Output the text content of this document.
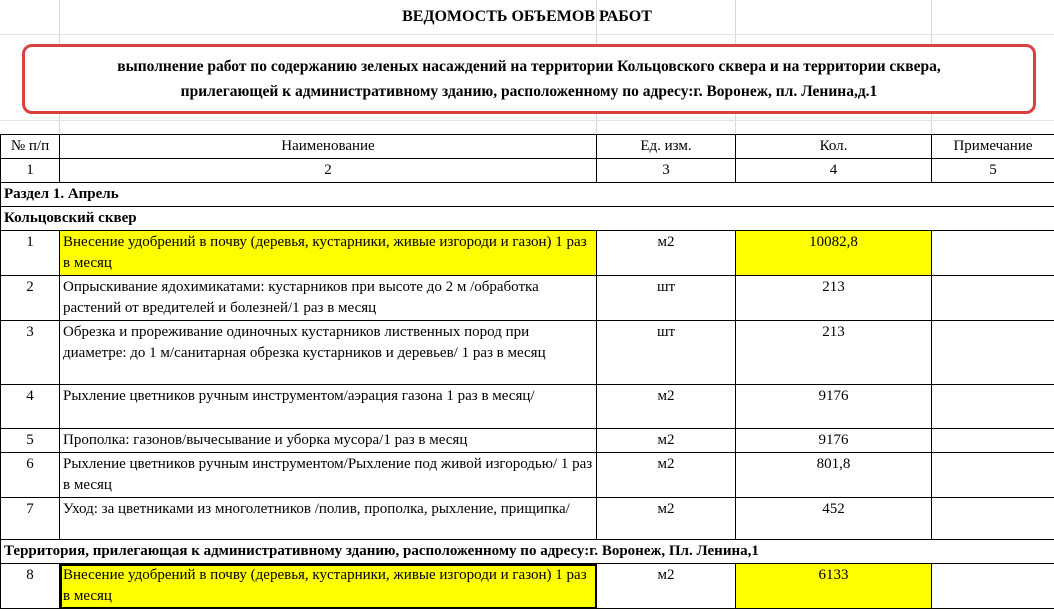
ВЕДОМОСТЬ ОБЪЕМОВ РАБОТ
выполнение работ по содержанию зеленых насаждений на территории Кольцовского сквера и на территории сквера,
прилегающей к административному зданию, расположенному по адресу:г. Воронеж, пл. Ленина,д.1
№ п/п	Наименование	Ед. изм.	Кол.	Примечание
1	2	3	4	5
Раздел 1. Апрель				
Кольцовский сквер				
1	Внесение удобрений в почву (деревья, кустарники, живые изгороди и газон) 1 раз в месяц	м2	10082,8	
2	Опрыскивание ядохимикатами: кустарников при высоте до 2 м /обработка растений от вредителей и болезней/1 раз в месяц	шт	213	
3	Обрезка и прореживание одиночных кустарников лиственных пород при диаметре: до 1 м/санитарная обрезка кустарников и деревьев/ 1 раз в месяц	шт	213	
4	Рыхление цветников ручным инструментом/аэрация газона 1 раз в месяц/	м2	9176	
5	Прополка: газонов/вычесывание и уборка мусора/1 раз в месяц	м2	9176	
6	Рыхление цветников ручным инструментом/Рыхление под живой изгородью/ 1 раз в месяц	м2	801,8	
7	Уход: за цветниками из многолетников /полив, прополка, рыхление, прищипка/	м2	452	
Территория, прилегающая к административному зданию, расположенному по адресу:г. Воронеж, Пл. Ленина,1				
8	Внесение удобрений в почву (деревья, кустарники, живые изгороди и газон) 1 раз в месяц	м2	6133	
